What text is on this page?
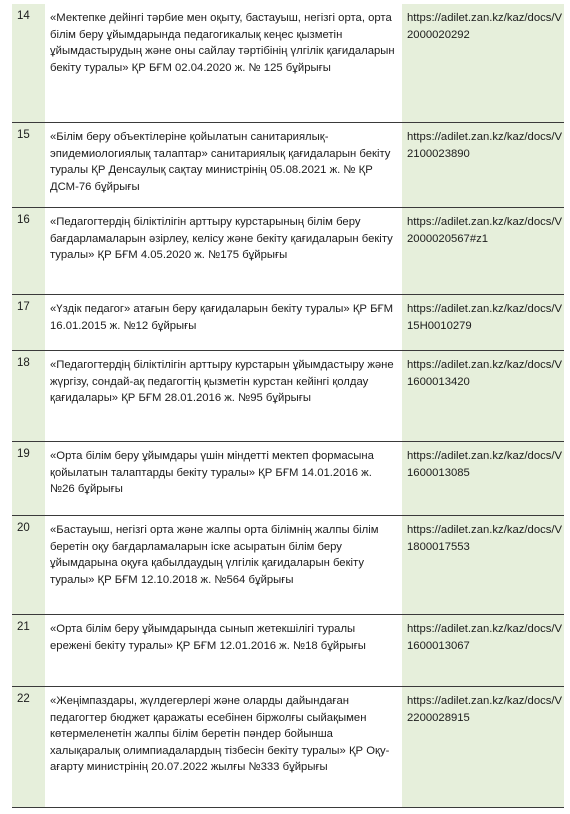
14	«Мектепке дейінгі тәрбие мен оқыту, бастауыш, негізгі орта, орта білім беру ұйымдарында педагогикалық кеңес қызметін ұйымдастырудың және оны сайлау тәртібінің үлгілік қағидаларын бекіту туралы» ҚР БҒМ 02.04.2020 ж. № 125 бұйрығы
https://adilet.zan.kz/kaz/docs/V2000020292
15	«Білім беру объектілеріне қойылатын санитариялық-эпидемиологиялық талаптар» санитариялық қағидаларын бекіту туралы ҚР Денсаулық сақтау министрінің 05.08.2021 ж. № ҚР ДСМ-76 бұйрығы
https://adilet.zan.kz/kaz/docs/V2100023890
16	«Педагогтердің біліктілігін арттыру курстарының білім беру бағдарламаларын әзірлеу, келісу және бекіту қағидаларын бекіту туралы» ҚР БҒМ 4.05.2020 ж. №175 бұйрығы
https://adilet.zan.kz/kaz/docs/V2000020567#z1
17	«Үздік педагог» атағын беру қағидаларын бекіту туралы» ҚР БҒМ 16.01.2015 ж. №12 бұйрығы
https://adilet.zan.kz/kaz/docs/V15H0010279
18	«Педагогтердің біліктілігін арттыру курстарын ұйымдастыру және жүргізу, сондай-ақ педагогтің қызметін курстан кейінгі қолдау қағидалары» ҚР БҒМ 28.01.2016 ж. №95 бұйрығы
https://adilet.zan.kz/kaz/docs/V1600013420
19	«Орта білім беру ұйымдары үшін міндетті мектеп формасына қойылатын талаптарды бекіту туралы» ҚР БҒМ 14.01.2016 ж. №26 бұйрығы
https://adilet.zan.kz/kaz/docs/V1600013085
20	«Бастауыш, негізгі орта және жалпы орта білімнің жалпы білім беретін оқу бағдарламаларын іске асыратын білім беру ұйымдарына оқуға қабылдаудың үлгілік қағидаларын бекіту туралы» ҚР БҒМ 12.10.2018 ж. №564 бұйрығы
https://adilet.zan.kz/kaz/docs/V1800017553
21	«Орта білім беру ұйымдарында сынып жетекшілігі туралы ережені бекіту туралы» ҚР БҒМ 12.01.2016 ж. №18 бұйрығы
https://adilet.zan.kz/kaz/docs/V1600013067
22	«Жеңімпаздары, жүлдегерлері және оларды дайындаған педагогтер бюджет қаражаты есебінен біржолғы сыйақымен көтермеленетін жалпы білім беретін пәндер бойынша халықаралық олимпиадалардың тізбесін бекіту туралы» ҚР Оқу-ағарту министрінің 20.07.2022 жылғы №333 бұйрығы
https://adilet.zan.kz/kaz/docs/V2200028915
